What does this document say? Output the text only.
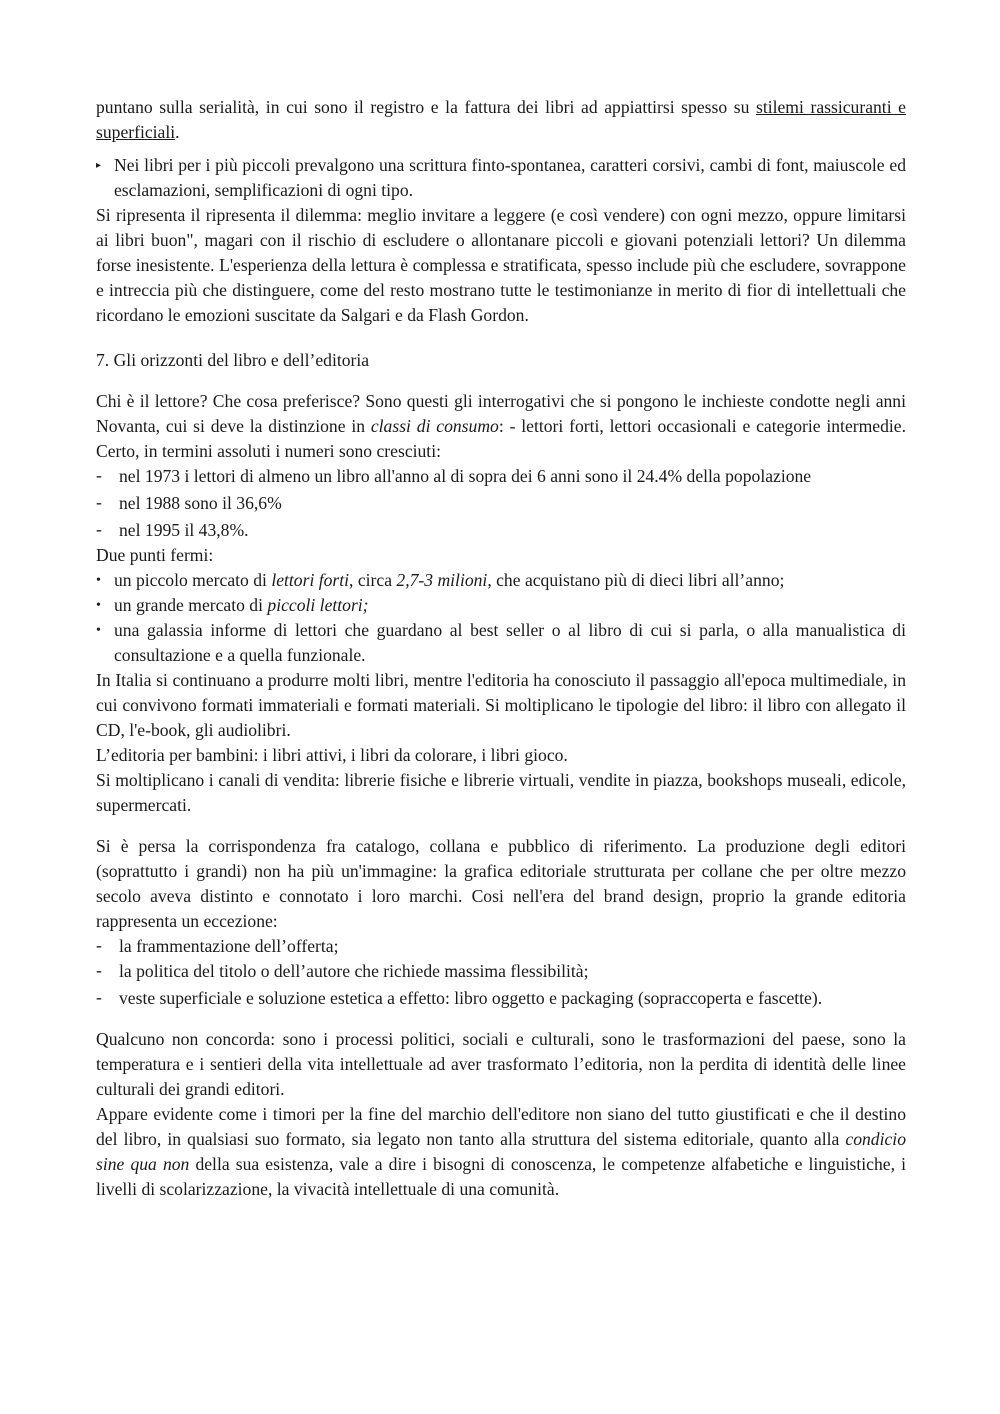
puntano sulla serialità, in cui sono il registro e la fattura dei libri ad appiattirsi spesso su stilemi rassicuranti e superficiali.

▸ Nei libri per i più piccoli prevalgono una scrittura finto-spontanea, caratteri corsivi, cambi di font, maiuscole ed esclamazioni, semplificazioni di ogni tipo.

Si ripresenta il ripresenta il dilemma: meglio invitare a leggere (e così vendere) con ogni mezzo, oppure limitarsi ai libri buon", magari con il rischio di escludere o allontanare piccoli e giovani potenziali lettori? Un dilemma forse inesistente. L'esperienza della lettura è complessa e stratificata, spesso include più che escludere, sovrappone e intreccia più che distinguere, come del resto mostrano tutte le testimonianze in merito di fior di intellettuali che ricordano le emozioni suscitate da Salgari e da Flash Gordon.

7. Gli orizzonti del libro e dell’editoria

Chi è il lettore? Che cosa preferisce? Sono questi gli interrogativi che si pongono le inchieste condotte negli anni Novanta, cui si deve la distinzione in classi di consumo: - lettori forti, lettori occasionali e categorie intermedie. Certo, in termini assoluti i numeri sono cresciuti:

- nel 1973 i lettori di almeno un libro all'anno al di sopra dei 6 anni sono il 24.4% della popolazione
- nel 1988 sono il 36,6%
- nel 1995 il 43,8%.

Due punti fermi:

• un piccolo mercato di lettori forti, circa 2,7-3 milioni, che acquistano più di dieci libri all’anno;
• un grande mercato di piccoli lettori;
• una galassia informe di lettori che guardano al best seller o al libro di cui si parla, o alla manualistica di consultazione e a quella funzionale.

In Italia si continuano a produrre molti libri, mentre l'editoria ha conosciuto il passaggio all'epoca multimediale, in cui convivono formati immateriali e formati materiali. Si moltiplicano le tipologie del libro: il libro con allegato il CD, l'e-book, gli audiolibri.

L’editoria per bambini: i libri attivi, i libri da colorare, i libri gioco.

Si moltiplicano i canali di vendita: librerie fisiche e librerie virtuali, vendite in piazza, bookshops museali, edicole, supermercati.

Si è persa la corrispondenza fra catalogo, collana e pubblico di riferimento. La produzione degli editori (soprattutto i grandi) non ha più un'immagine: la grafica editoriale strutturata per collane che per oltre mezzo secolo aveva distinto e connotato i loro marchi. Cosi nell'era del brand design, proprio la grande editoria rappresenta un eccezione:

- la frammentazione dell’offerta;
- la politica del titolo o dell’autore che richiede massima flessibilità;
- veste superficiale e soluzione estetica a effetto: libro oggetto e packaging (sopraccoperta e fascette).

Qualcuno non concorda: sono i processi politici, sociali e culturali, sono le trasformazioni del paese, sono la temperatura e i sentieri della vita intellettuale ad aver trasformato l’editoria, non la perdita di identità delle linee culturali dei grandi editori.

Appare evidente come i timori per la fine del marchio dell'editore non siano del tutto giustificati e che il destino del libro, in qualsiasi suo formato, sia legato non tanto alla struttura del sistema editoriale, quanto alla condicio sine qua non della sua esistenza, vale a dire i bisogni di conoscenza, le competenze alfabetiche e linguistiche, i livelli di scolarizzazione, la vivacità intellettuale di una comunità.
